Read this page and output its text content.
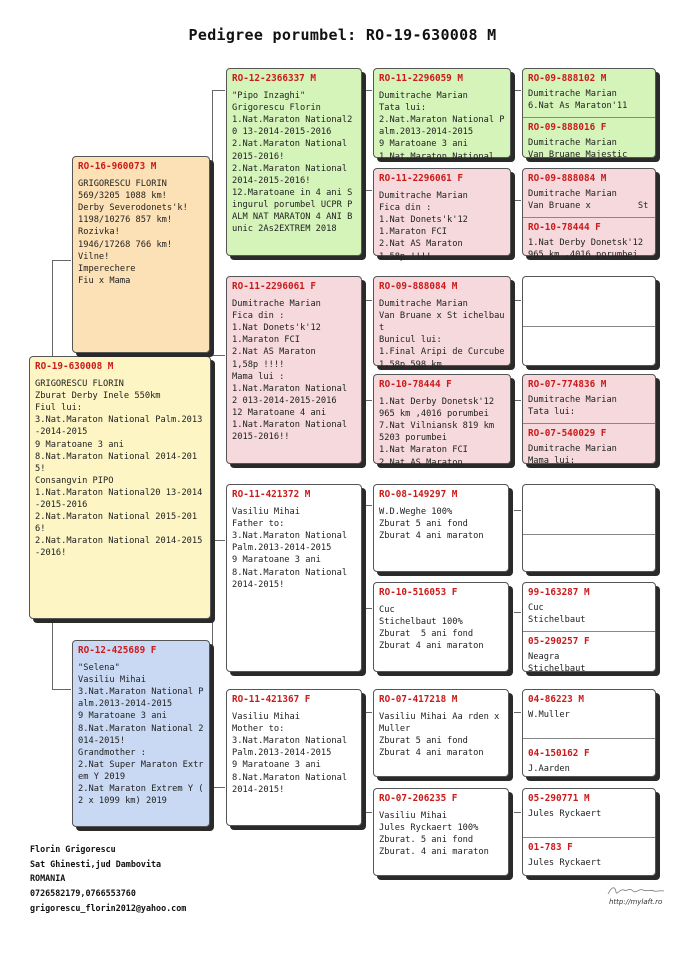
Pedigree porumbel: RO-19-630008 M
RO-19-630008 M
GRIGORESCU FLORIN
Zburat Derby Inele 550km
Fiul lui:
3.Nat.Maraton National Palm.2013-2014-2015
9 Maratoane 3 ani
8.Nat.Maraton National 2014-2015!
Consangvin PIPO
1.Nat.Maraton National20 13-2014-2015-2016
2.Nat.Maraton National 2015-2016!
2.Nat.Maraton National 2014-2015-2016!
RO-16-960073 M
GRIGORESCU FLORIN
569/3205 1088 km!
Derby Severodonets'k!
1198/10276 857 km!
Rozivka!
1946/17268 766 km!
Vilne!
Imperechere
Fiu x Mama
RO-12-425689 F
"Selena"
Vasiliu Mihai
3.Nat.Maraton National Palm.2013-2014-2015
9 Maratoane 3 ani
8.Nat.Maraton National 2014-2015!
Grandmother :
2.Nat Super Maraton Extrem Y 2019
2.Nat Maraton Extrem Y ( 2 x 1099 km) 2019
RO-12-2366337 M
"Pipo Inzaghi"
Grigorescu Florin
1.Nat.Maraton National20 13-2014-2015-2016
2.Nat.Maraton National 2015-2016!
2.Nat.Maraton National 2014-2015-2016!
12.Maratoane in 4 ani Singurul porumbel UCPR PALM NAT MARATON 4 ANI Bunic 2As2EXTREM 2018
RO-11-2296061 F
Dumitrache Marian
Fica din :
1.Nat Donets'k'12
1.Maraton FCI
2.Nat AS Maraton
1,58p !!!!
Mama lui :
1.Nat.Maraton National 2 013-2014-2015-2016
12 Maratoane 4 ani
1.Nat.Maraton National 2015-2016!!
RO-11-421372 M
Vasiliu Mihai
Father to:
3.Nat.Maraton National Palm.2013-2014-2015
9 Maratoane 3 ani
8.Nat.Maraton National 2014-2015!
RO-11-421367 F
Vasiliu Mihai
Mother to:
3.Nat.Maraton National Palm.2013-2014-2015
9 Maratoane 3 ani
8.Nat.Maraton National 2014-2015!
RO-11-2296059 M
Dumitrache Marian
Tata lui:
2.Nat.Maraton National Palm.2013-2014-2015
9 Maratoane 3 ani
1.Nat.Maraton National
RO-11-2296061 F
Dumitrache Marian
Fica din :
1.Nat Donets'k'12
1.Maraton FCI
2.Nat AS Maraton
1,58p !!!!
RO-09-888084 M
Dumitrache Marian
Van Bruane x St ichelbaut
Bunicul lui:
1.Final Aripi de Curcube
1,58p 598 km
RO-10-78444 F
1.Nat Derby Donetsk'12
965 km ,4016 porumbei
7.Nat Vilniansk 819 km
5203 porumbei
1.Nat Maraton FCI
2.Nat AS Maraton
RO-08-149297 M
W.D.Weghe 100%
Zburat 5 ani fond
Zburat 4 ani maraton
RO-10-516053 F
Cuc
Stichelbaut 100%
Zburat  5 ani fond
Zburat 4 ani maraton
RO-07-417218 M
Vasiliu Mihai Aa rden x Muller
Zburat 5 ani fond
Zburat 4 ani maraton
RO-07-206235 F
Vasiliu Mihai
Jules Ryckaert 100%
Zburat. 5 ani fond
Zburat. 4 ani maraton
RO-09-888102 M
Dumitrache Marian
6.Nat As Maraton'11
RO-09-888016 F
Dumitrache Marian
Van Bruane Majestic
RO-09-888084 M
Dumitrache Marian
Van Bruane x         St
RO-10-78444 F
1.Nat Derby Donetsk'12
965 km ,4016 porumbei
RO-07-774836 M
Dumitrache Marian
Tata lui:
RO-07-540029 F
Dumitrache Marian
Mama lui:
99-163287 M
Cuc
Stichelbaut
05-290257 F
Neagra
Stichelbaut
04-86223 M
W.Muller
04-150162 F
J.Aarden
05-290771 M
Jules Ryckaert
01-783 F
Jules Ryckaert
Florin Grigorescu
Sat Ghinesti,jud Dambovita
ROMANIA
0726582179,0766553760
grigorescu_florin2012@yahoo.com
http://mylaft.ro
